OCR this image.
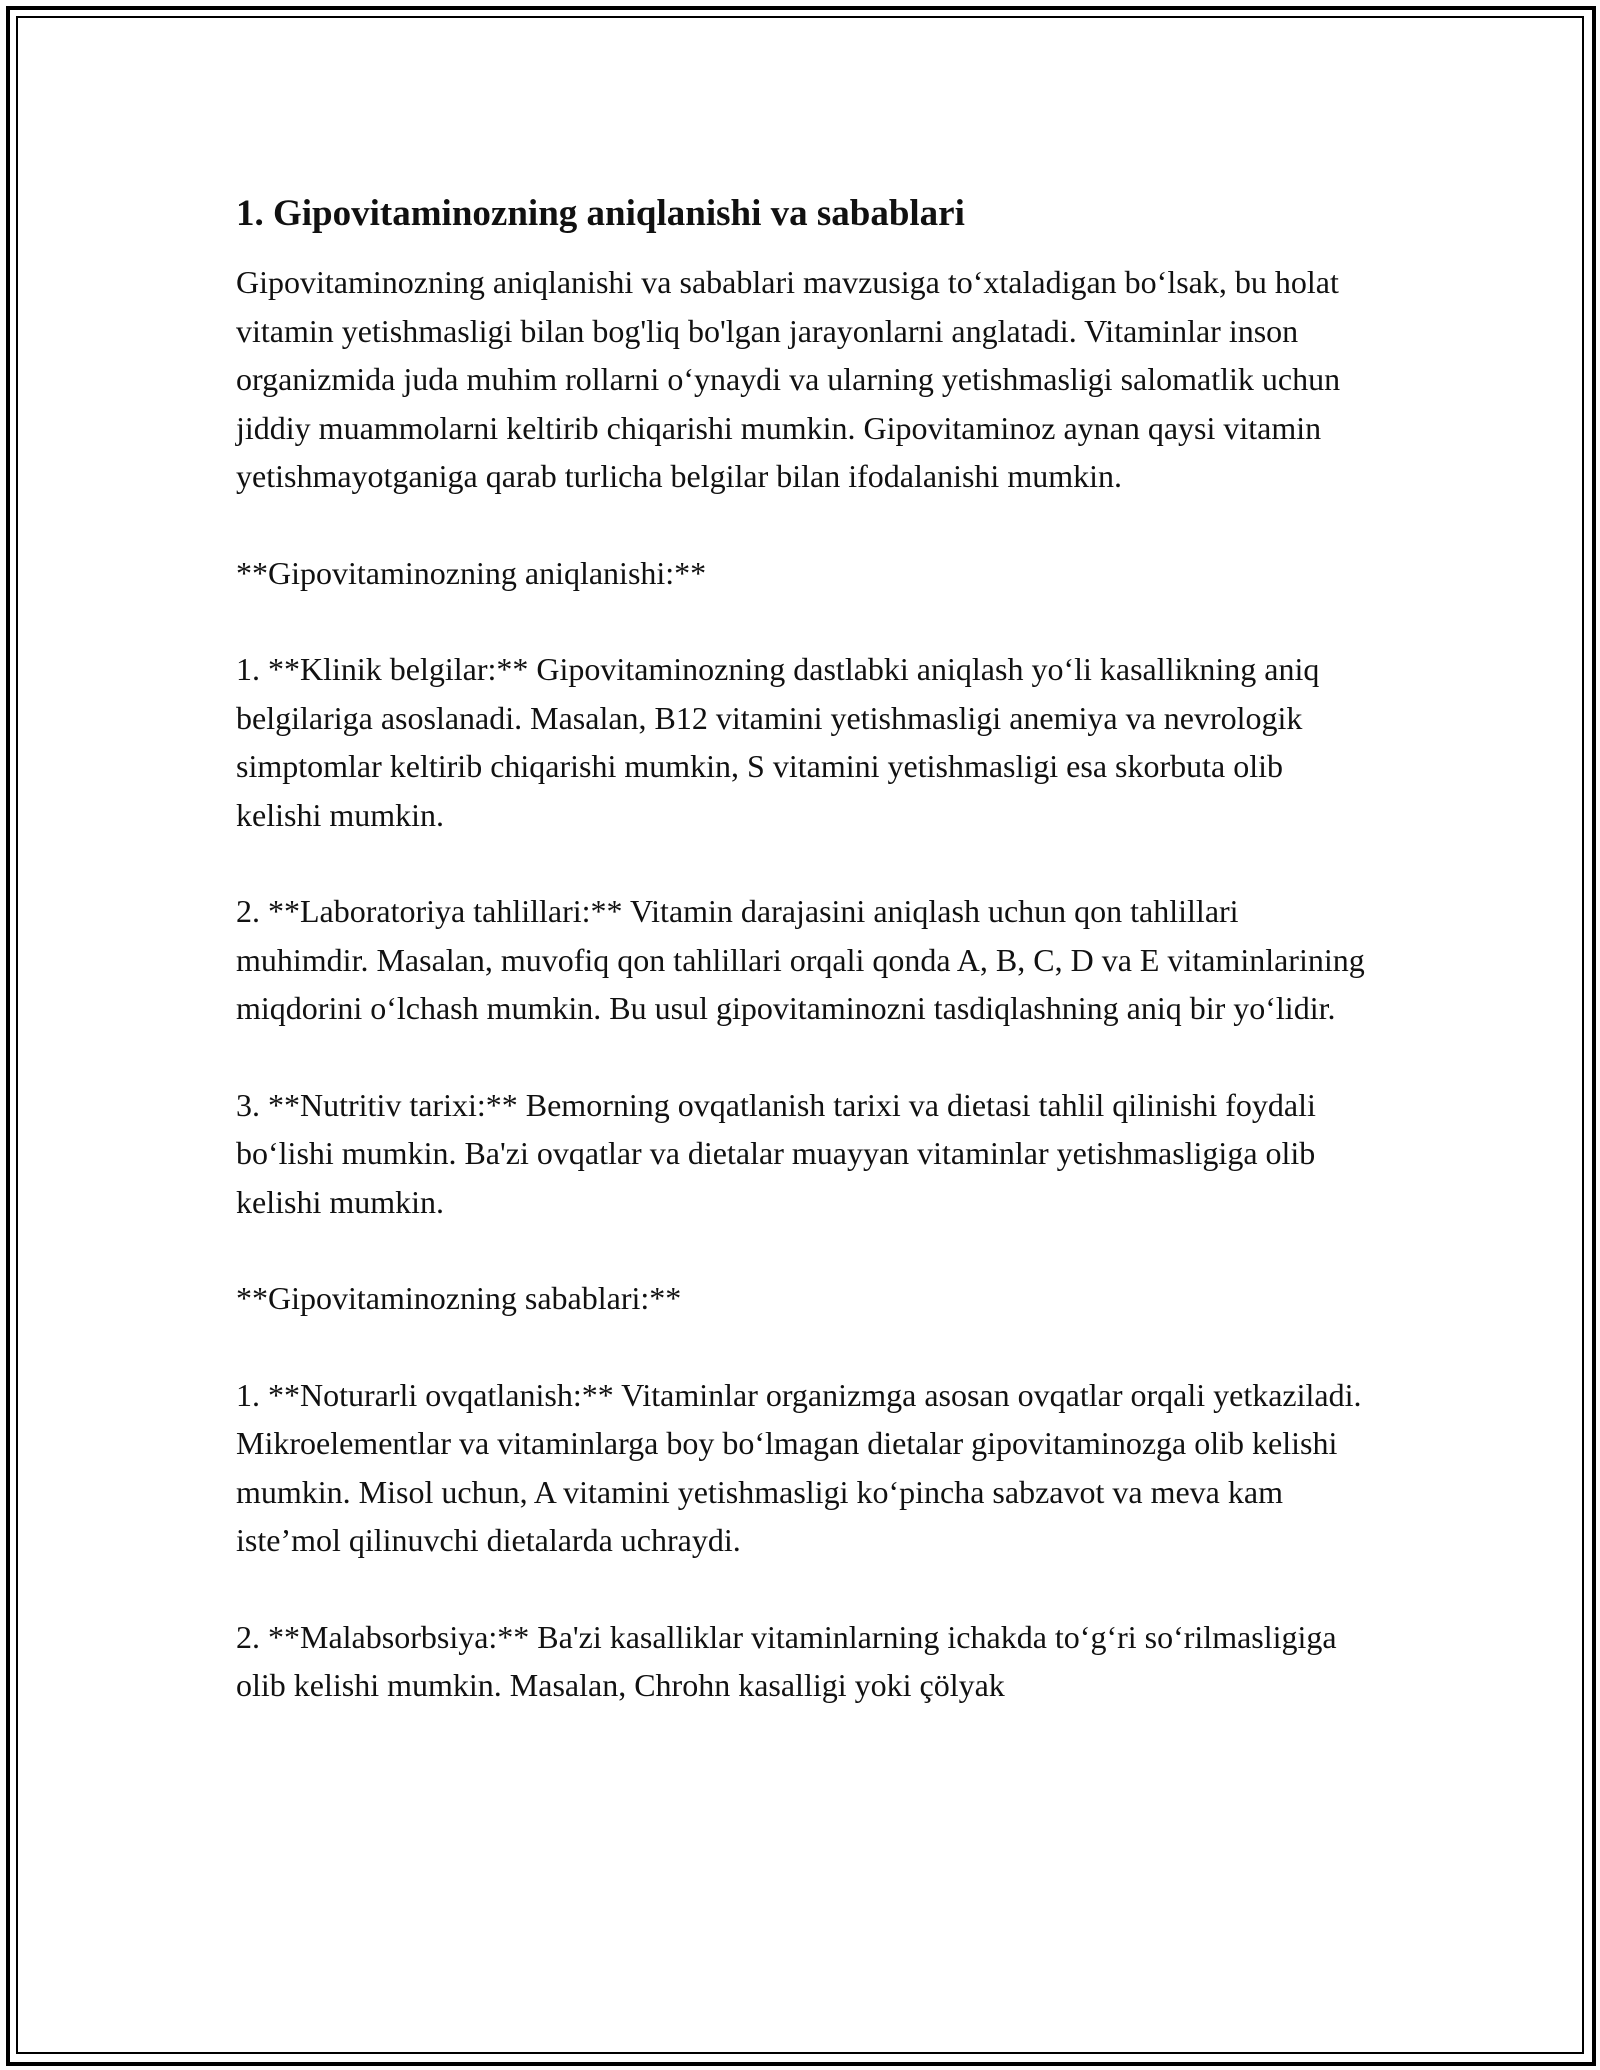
1. Gipovitaminozning aniqlanishi va sabablari

Gipovitaminozning aniqlanishi va sabablari mavzusiga to‘xtaladigan bo‘lsak, bu holat vitamin yetishmasligi bilan bog'liq bo'lgan jarayonlarni anglatadi. Vitaminlar inson organizmida juda muhim rollarni o‘ynaydi va ularning yetishmasligi salomatlik uchun jiddiy muammolarni keltirib chiqarishi mumkin. Gipovitaminoz aynan qaysi vitamin yetishmayotganiga qarab turlicha belgilar bilan ifodalanishi mumkin.

**Gipovitaminozning aniqlanishi:**

1. **Klinik belgilar:** Gipovitaminozning dastlabki aniqlash yo‘li kasallikning aniq belgilariga asoslanadi. Masalan, B12 vitamini yetishmasligi anemiya va nevrologik simptomlar keltirib chiqarishi mumkin, S vitamini yetishmasligi esa skorbuta olib kelishi mumkin.

2. **Laboratoriya tahlillari:** Vitamin darajasini aniqlash uchun qon tahlillari muhimdir. Masalan, muvofiq qon tahlillari orqali qonda A, B, C, D va E vitaminlarining miqdorini o‘lchash mumkin. Bu usul gipovitaminozni tasdiqlashning aniq bir yo‘lidir.

3. **Nutritiv tarixi:** Bemorning ovqatlanish tarixi va dietasi tahlil qilinishi foydali bo‘lishi mumkin. Ba'zi ovqatlar va dietalar muayyan vitaminlar yetishmasligiga olib kelishi mumkin.

**Gipovitaminozning sabablari:**

1. **Noturarli ovqatlanish:** Vitaminlar organizmga asosan ovqatlar orqali yetkaziladi. Mikroelementlar va vitaminlarga boy bo‘lmagan dietalar gipovitaminozga olib kelishi mumkin. Misol uchun, A vitamini yetishmasligi ko‘pincha sabzavot va meva kam iste’mol qilinuvchi dietalarda uchraydi.

2. **Malabsorbsiya:** Ba'zi kasalliklar vitaminlarning ichakda to‘g‘ri so‘rilmasligiga olib kelishi mumkin. Masalan, Chrohn kasalligi yoki çölyak
